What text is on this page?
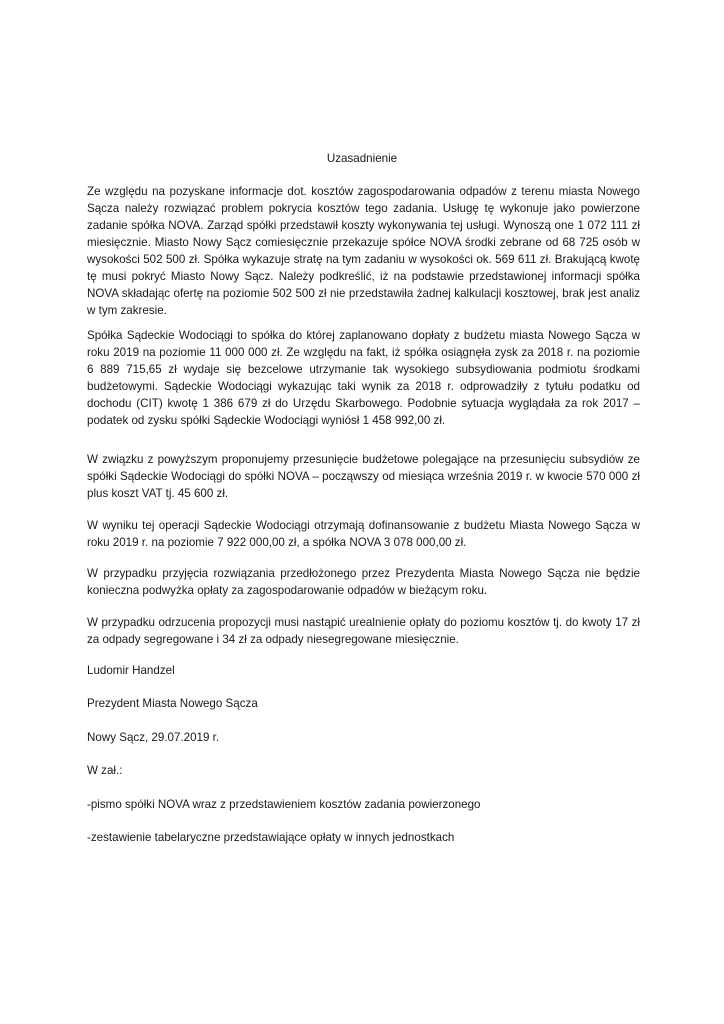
Uzasadnienie

Ze względu na pozyskane informacje dot. kosztów zagospodarowania odpadów z terenu miasta Nowego Sącza należy rozwiązać problem pokrycia kosztów tego zadania. Usługę tę wykonuje jako powierzone zadanie spółka NOVA. Zarząd spółki przedstawił koszty wykonywania tej usługi. Wynoszą one 1 072 111 zł miesięcznie. Miasto Nowy Sącz comiesięcznie przekazuje spółce NOVA środki zebrane od 68 725 osób w wysokości 502 500 zł. Spółka wykazuje stratę na tym zadaniu w wysokości ok. 569 611 zł. Brakującą kwotę tę musi pokryć Miasto Nowy Sącz. Należy podkreślić, iż na podstawie przedstawionej informacji spółka NOVA składając ofertę na poziomie 502 500 zł nie przedstawiła żadnej kalkulacji kosztowej, brak jest analiz w tym zakresie.

Spółka Sądeckie Wodociągi to spółka do której zaplanowano dopłaty z budżetu miasta Nowego Sącza w roku 2019 na poziomie 11 000 000 zł. Ze względu na fakt, iż spółka osiągnęła zysk za 2018 r. na poziomie 6 889 715,65 zł wydaje się bezcelowe utrzymanie tak wysokiego subsydiowania podmiotu środkami budżetowymi. Sądeckie Wodociągi wykazując taki wynik za 2018 r. odprowadziły z tytułu podatku od dochodu (CIT) kwotę 1 386 679 zł do Urzędu Skarbowego. Podobnie sytuacja wyglądała za rok 2017 – podatek od zysku spółki Sądeckie Wodociągi wyniósł 1 458 992,00 zł.

W związku z powyższym proponujemy przesunięcie budżetowe polegające na przesunięciu subsydiów ze spółki Sądeckie Wodociągi do spółki NOVA – począwszy od miesiąca września 2019 r. w kwocie 570 000 zł plus koszt VAT tj. 45 600 zł.

W wyniku tej operacji Sądeckie Wodociągi otrzymają dofinansowanie z budżetu Miasta Nowego Sącza w roku 2019 r. na poziomie 7 922 000,00 zł, a spółka NOVA 3 078 000,00 zł.

W przypadku przyjęcia rozwiązania przedłożonego przez Prezydenta Miasta Nowego Sącza nie będzie konieczna podwyżka opłaty za zagospodarowanie odpadów w bieżącym roku.

W przypadku odrzucenia propozycji musi nastąpić urealnienie opłaty do poziomu kosztów tj. do kwoty 17 zł za odpady segregowane i 34 zł za odpady niesegregowane miesięcznie.

Ludomir Handzel

Prezydent Miasta Nowego Sącza

Nowy Sącz, 29.07.2019 r.

W zał.:

-pismo spółki NOVA wraz z przedstawieniem kosztów zadania powierzonego

-zestawienie tabelaryczne przedstawiające opłaty w innych jednostkach
